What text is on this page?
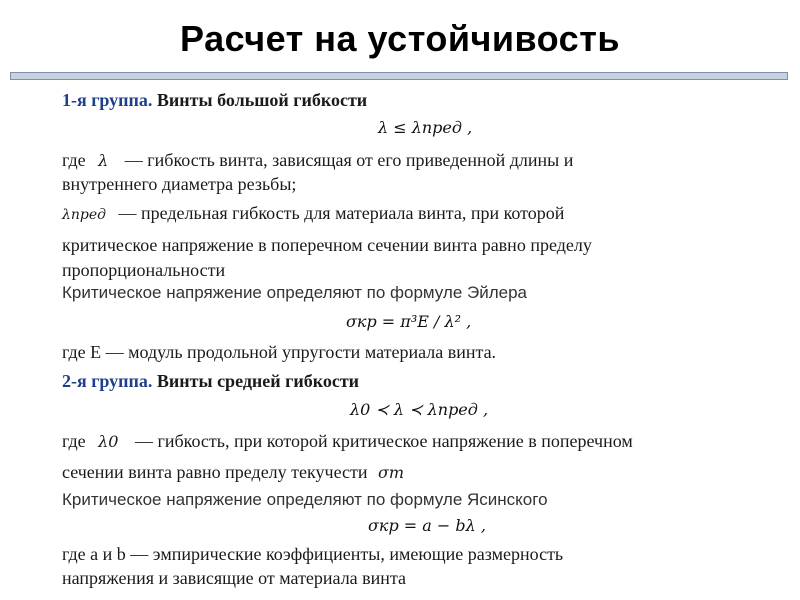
Расчет на устойчивость
1-я группа. Винты большой гибкости
λ ≤ λпред ,
где λ — гибкость винта, зависящая от его приведенной длины и
внутреннего диаметра резьбы;
λпред — предельная гибкость для материала винта, при которой
критическое напряжение в поперечном сечении винта равно пределу
пропорциональности
Критическое напряжение определяют по формуле Эйлера
σкр = π³E / λ² ,
где E — модуль продольной упругости материала винта.
2-я группа. Винты средней гибкости
λ0 ≺ λ ≺ λпред ,
где λ0 — гибкость, при которой критическое напряжение в поперечном
сечении винта равно пределу текучести σт
Критическое напряжение определяют по формуле Ясинского
σкр = a − bλ ,
где a и b — эмпирические коэффициенты, имеющие размерность
напряжения и зависящие от материала винта
